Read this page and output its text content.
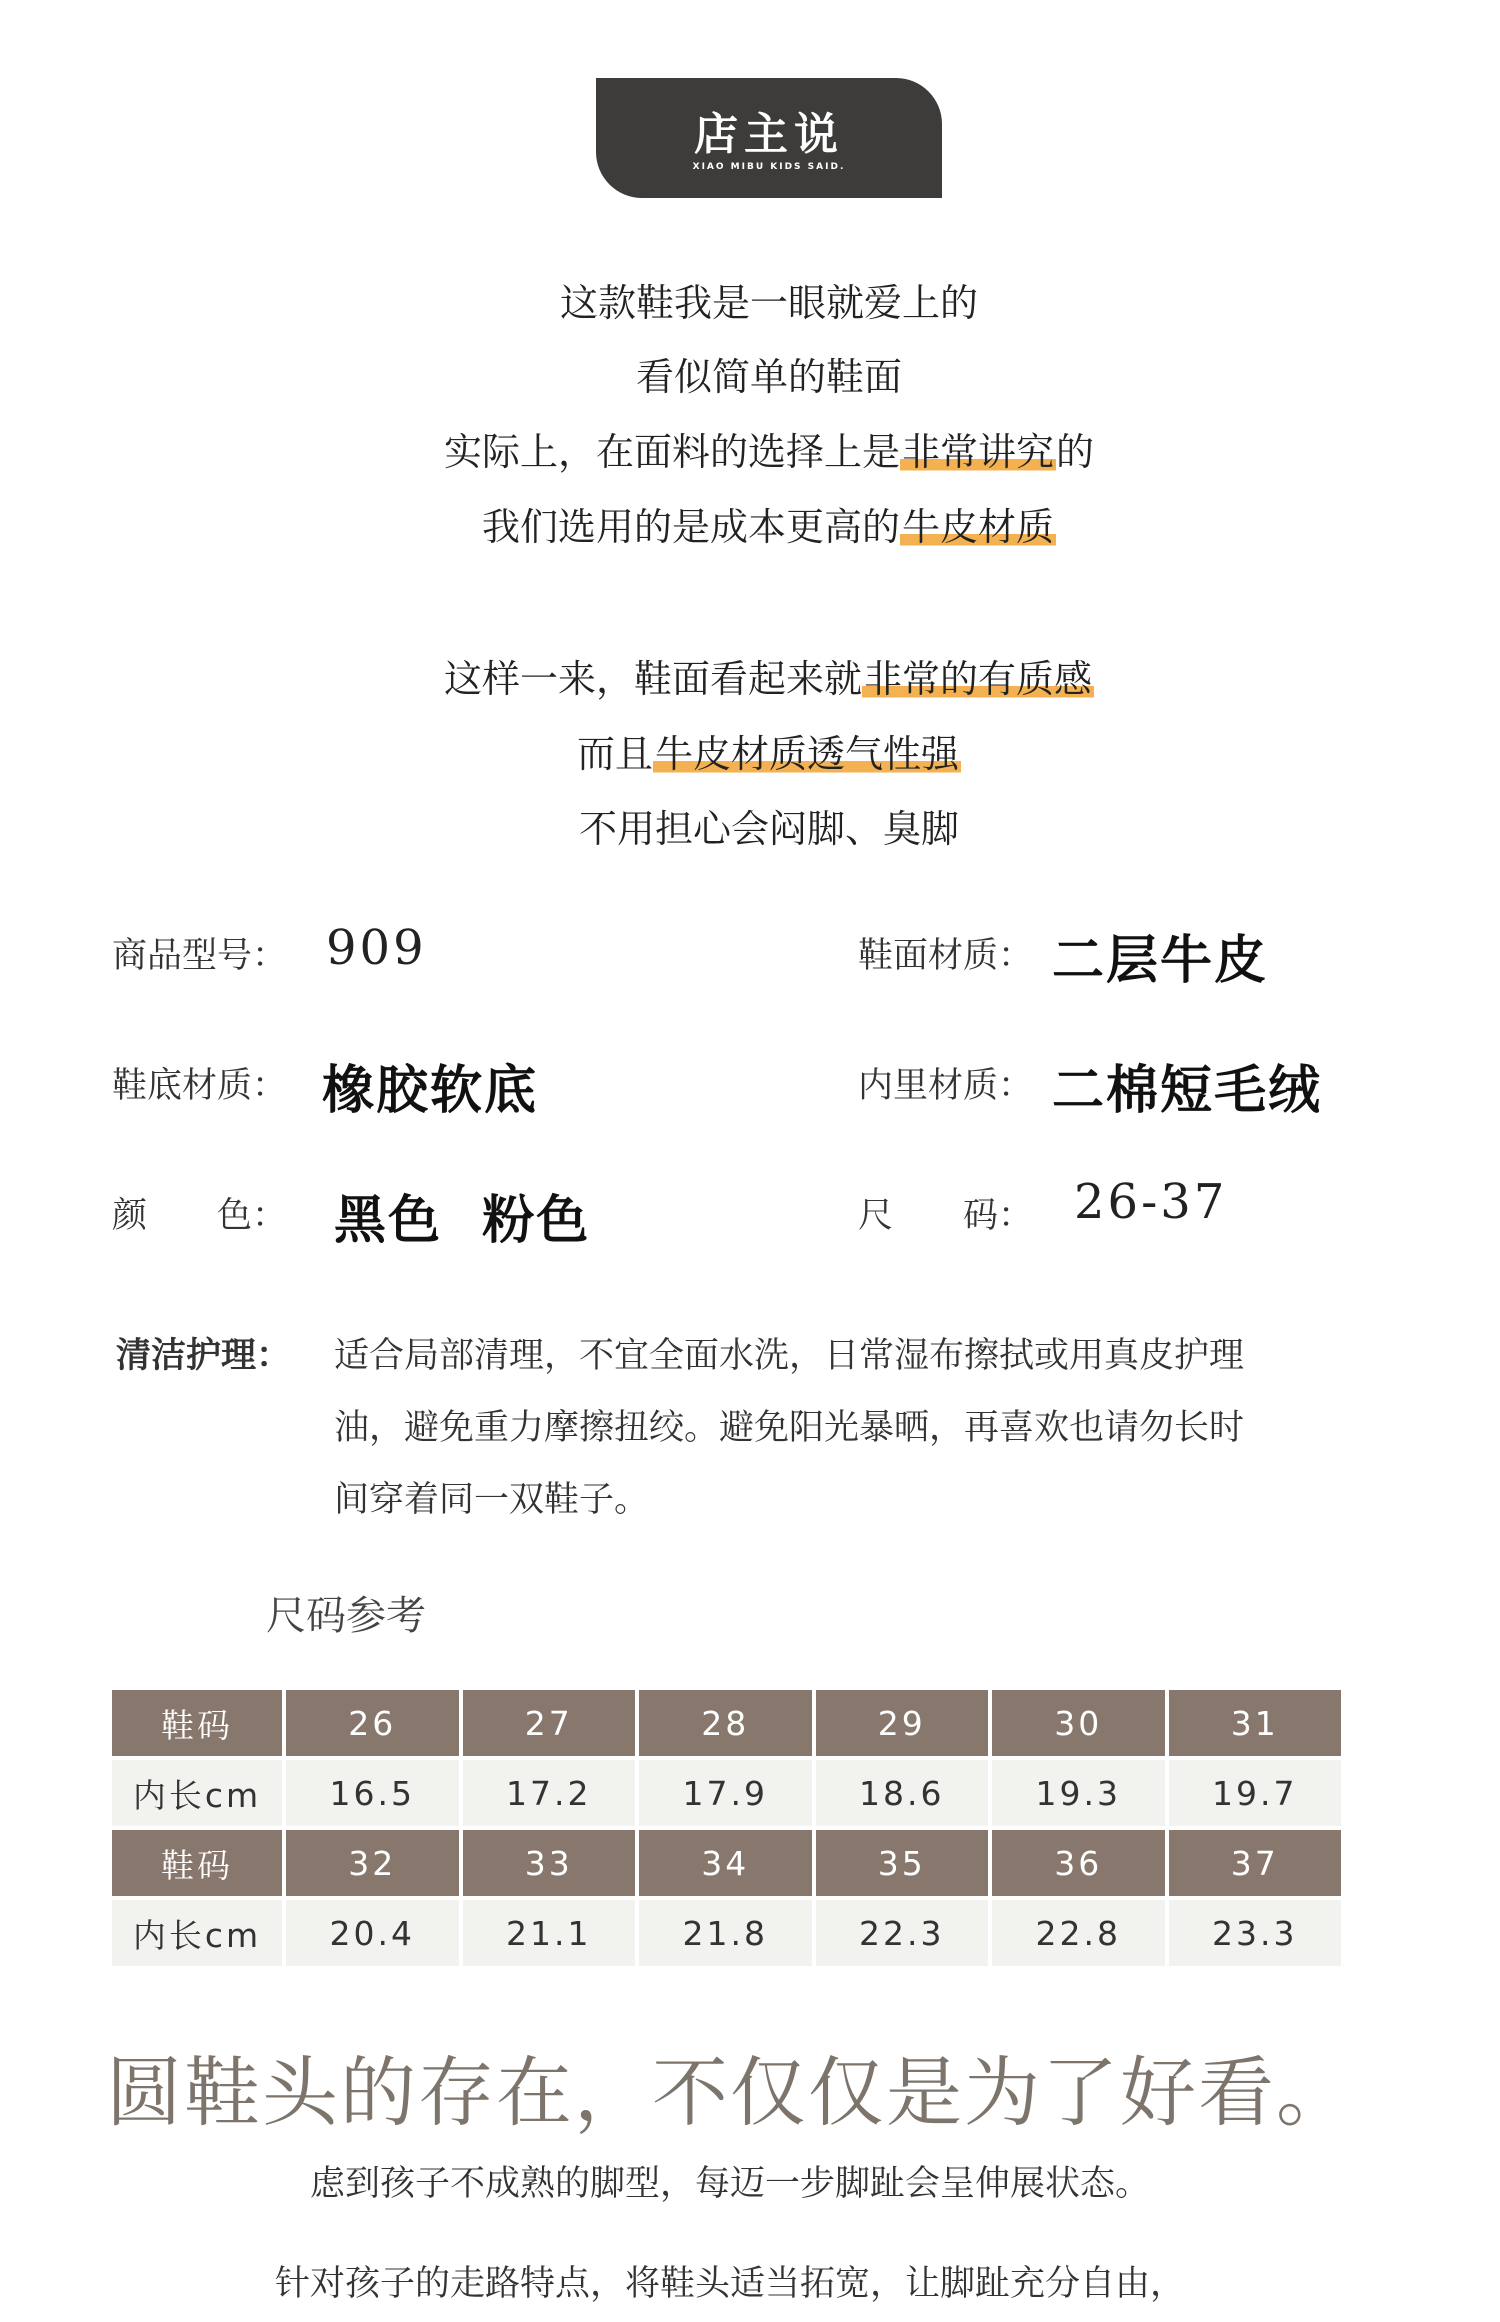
店主说
XIAO MIBU KIDS SAID.
这款鞋我是一眼就爱上的
看似简单的鞋面
实际上，在面料的选择上是非常讲究的
我们选用的是成本更高的牛皮材质
这样一来，鞋面看起来就非常的有质感
而且牛皮材质透气性强
不用担心会闷脚、臭脚
商品型号： 909	鞋面材质： 二层牛皮
鞋底材质： 橡胶软底	内里材质： 二棉短毛绒
颜　　色： 黑色  粉色	尺　　码： 26-37
清洁护理： 适合局部清理，不宜全面水洗，日常湿布擦拭或用真皮护理
油，避免重力摩擦扭绞。避免阳光暴晒，再喜欢也请勿长时
间穿着同一双鞋子。
尺码参考
鞋码	26	27	28	29	30	31
内长cm	16.5	17.2	17.9	18.6	19.3	19.7
鞋码	32	33	34	35	36	37
内长cm	20.4	21.1	21.8	22.3	22.8	23.3
圆鞋头的存在，不仅仅是为了好看。
虑到孩子不成熟的脚型，每迈一步脚趾会呈伸展状态。
针对孩子的走路特点，将鞋头适当拓宽，让脚趾充分自由，
